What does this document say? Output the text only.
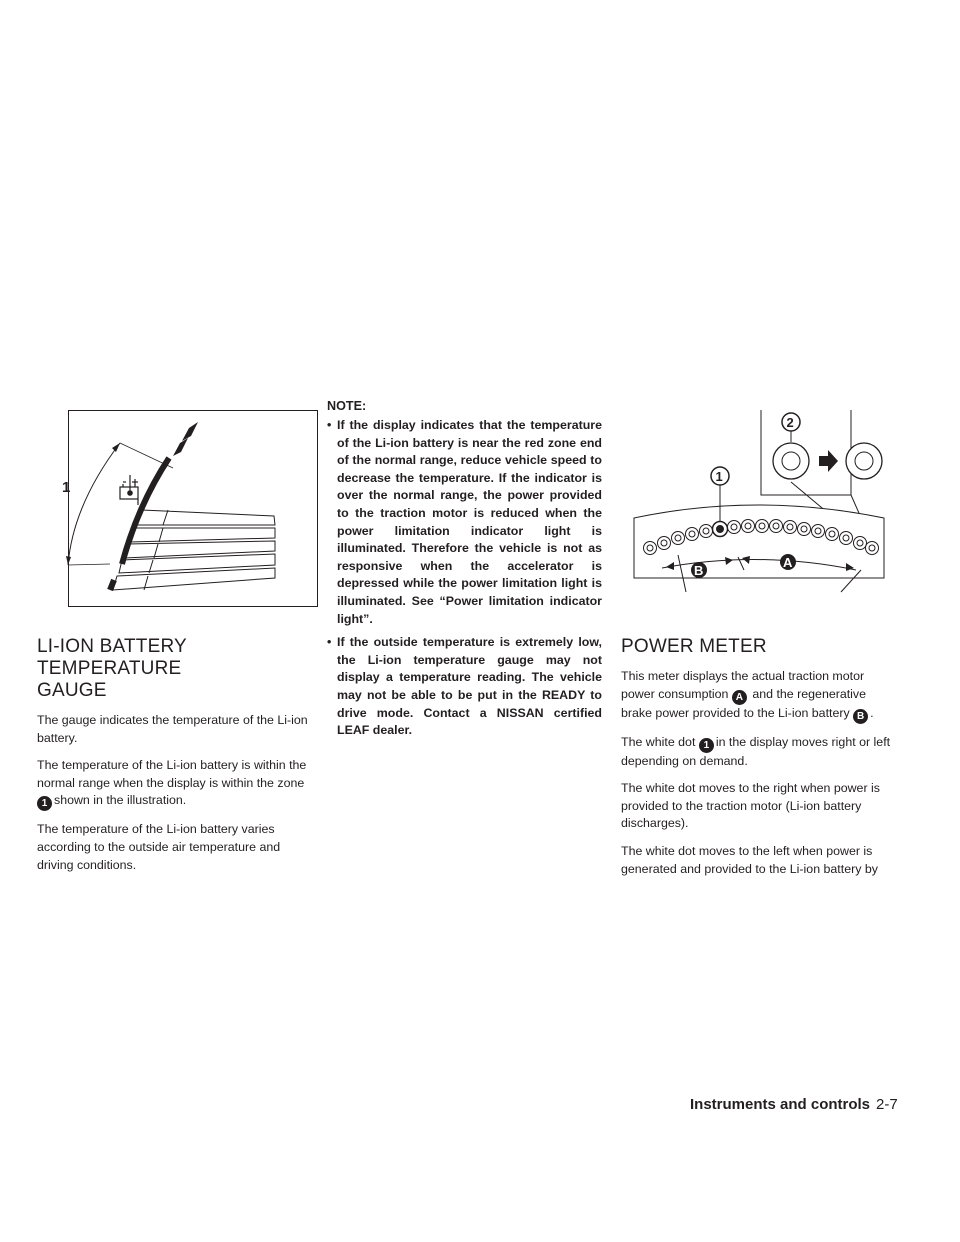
1
2
1
A
B
LI-ION BATTERY TEMPERATURE
GAUGE

The gauge indicates the temperature of the Li-ion battery.

The temperature of the Li-ion battery is within the normal range when the display is within the zone 1 shown in the illustration.

The temperature of the Li-ion battery varies according to the outside air temperature and driving conditions.

NOTE:
• If the display indicates that the temperature of the Li-ion battery is near the red zone end of the normal range, reduce vehicle speed to decrease the temperature. If the indicator is over the normal range, the power provided to the traction motor is reduced when the power limitation indicator light is illuminated. Therefore the vehicle is not as responsive when the accelerator is depressed while the power limitation light is illuminated. See “Power limitation indicator light”.
• If the outside temperature is extremely low, the Li-ion temperature gauge may not display a temperature reading. The vehicle may not be able to be put in the READY to drive mode. Contact a NISSAN certified LEAF dealer.
POWER METER

This meter displays the actual traction motor power consumption A and the regenerative brake power provided to the Li-ion battery B .

The white dot 1 in the display moves right or left depending on demand.

The white dot moves to the right when power is provided to the traction motor (Li-ion battery discharges).

The white dot moves to the left when power is generated and provided to the Li-ion battery by

Instruments and controls 2-7
